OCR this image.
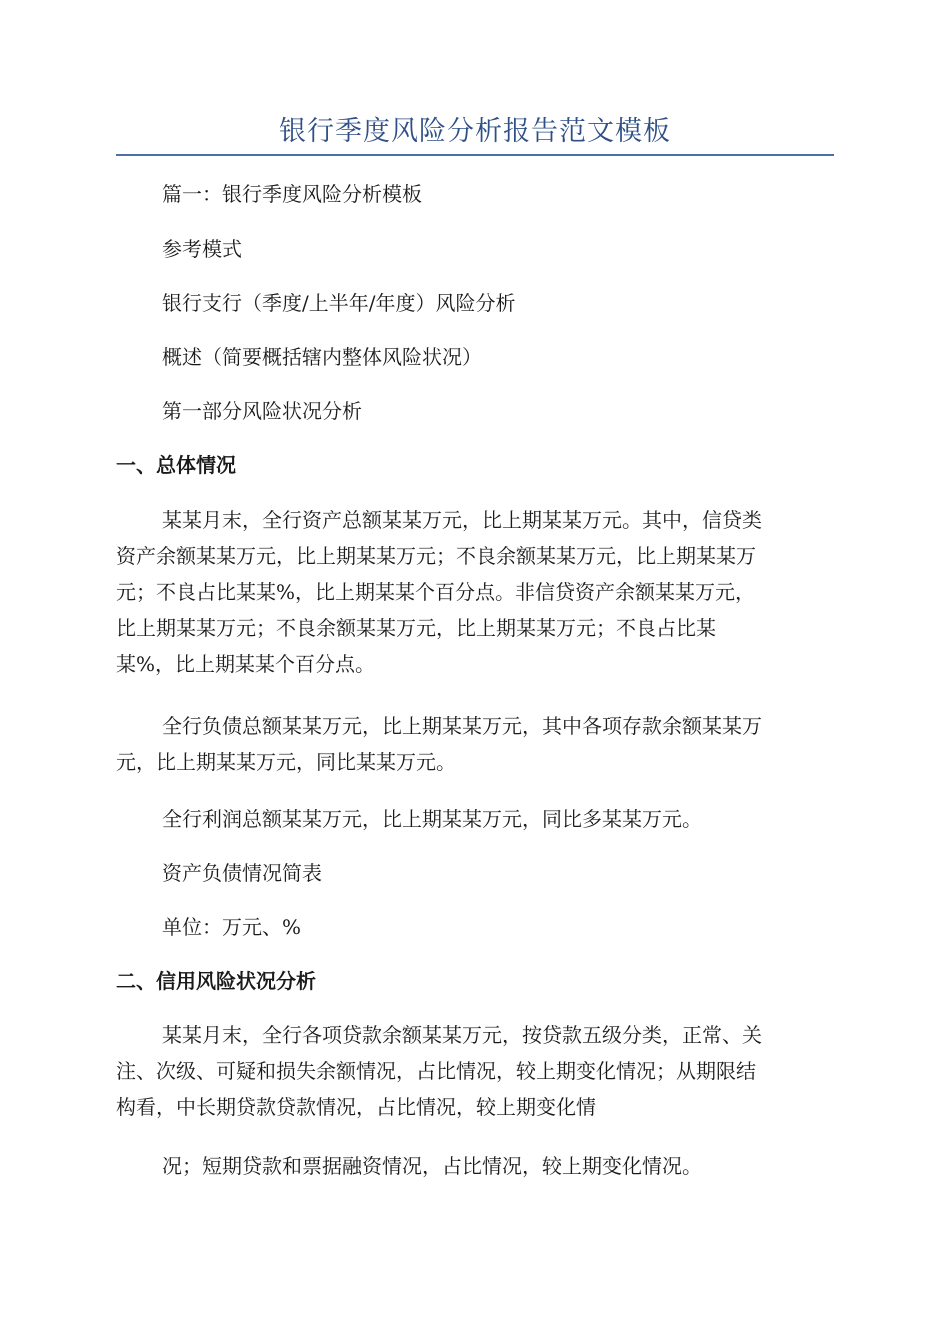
银行季度风险分析报告范文模板

篇一：银行季度风险分析模板

参考模式

银行支行（季度/上半年/年度）风险分析

概述（简要概括辖内整体风险状况）

第一部分风险状况分析

一、总体情况

某某月末，全行资产总额某某万元，比上期某某万元。其中，信贷类
资产余额某某万元，比上期某某万元；不良余额某某万元，比上期某某万
元；不良占比某某%，比上期某某个百分点。非信贷资产余额某某万元，
比上期某某万元；不良余额某某万元，比上期某某万元；不良占比某
某%，比上期某某个百分点。
全行负债总额某某万元，比上期某某万元，其中各项存款余额某某万
元，比上期某某万元，同比某某万元。

全行利润总额某某万元，比上期某某万元，同比多某某万元。

资产负债情况简表

单位：万元、%

二、信用风险状况分析

某某月末，全行各项贷款余额某某万元，按贷款五级分类，正常、关
注、次级、可疑和损失余额情况，占比情况，较上期变化情况；从期限结
构看，中长期贷款贷款情况，占比情况，较上期变化情

况；短期贷款和票据融资情况，占比情况，较上期变化情况。
